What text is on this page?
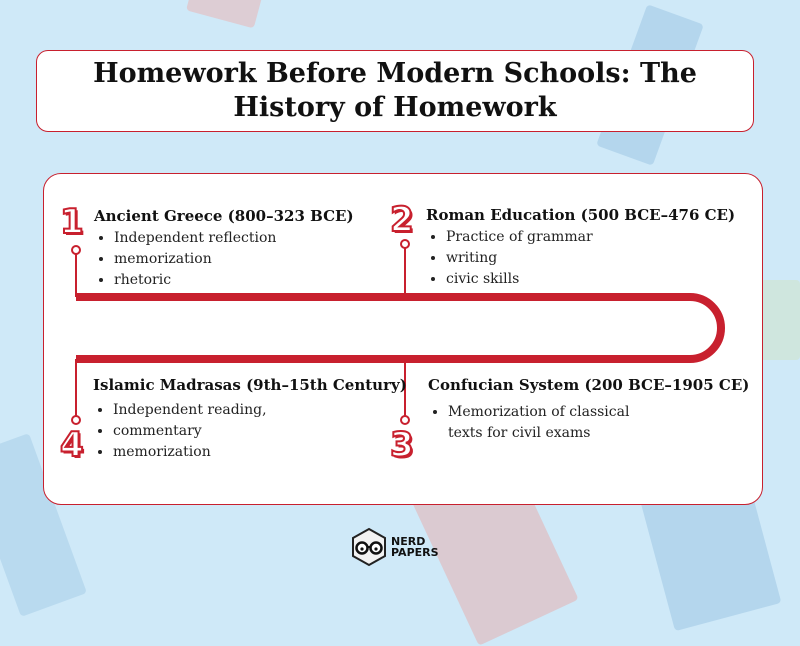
Homework Before Modern Schools: The History of Homework
1 Ancient Greece (800–323 BCE)
• Independent reflection
• memorization
• rhetoric
2 Roman Education (500 BCE–476 CE)
• Practice of grammar
• writing
• civic skills
4
Islamic Madrasas (9th–15th Century)
• Independent reading,
• commentary
• memorization	3
Confucian System (200 BCE–1905 CE)
• Memorization of classical texts for civil exams
NERD
PAPERS
